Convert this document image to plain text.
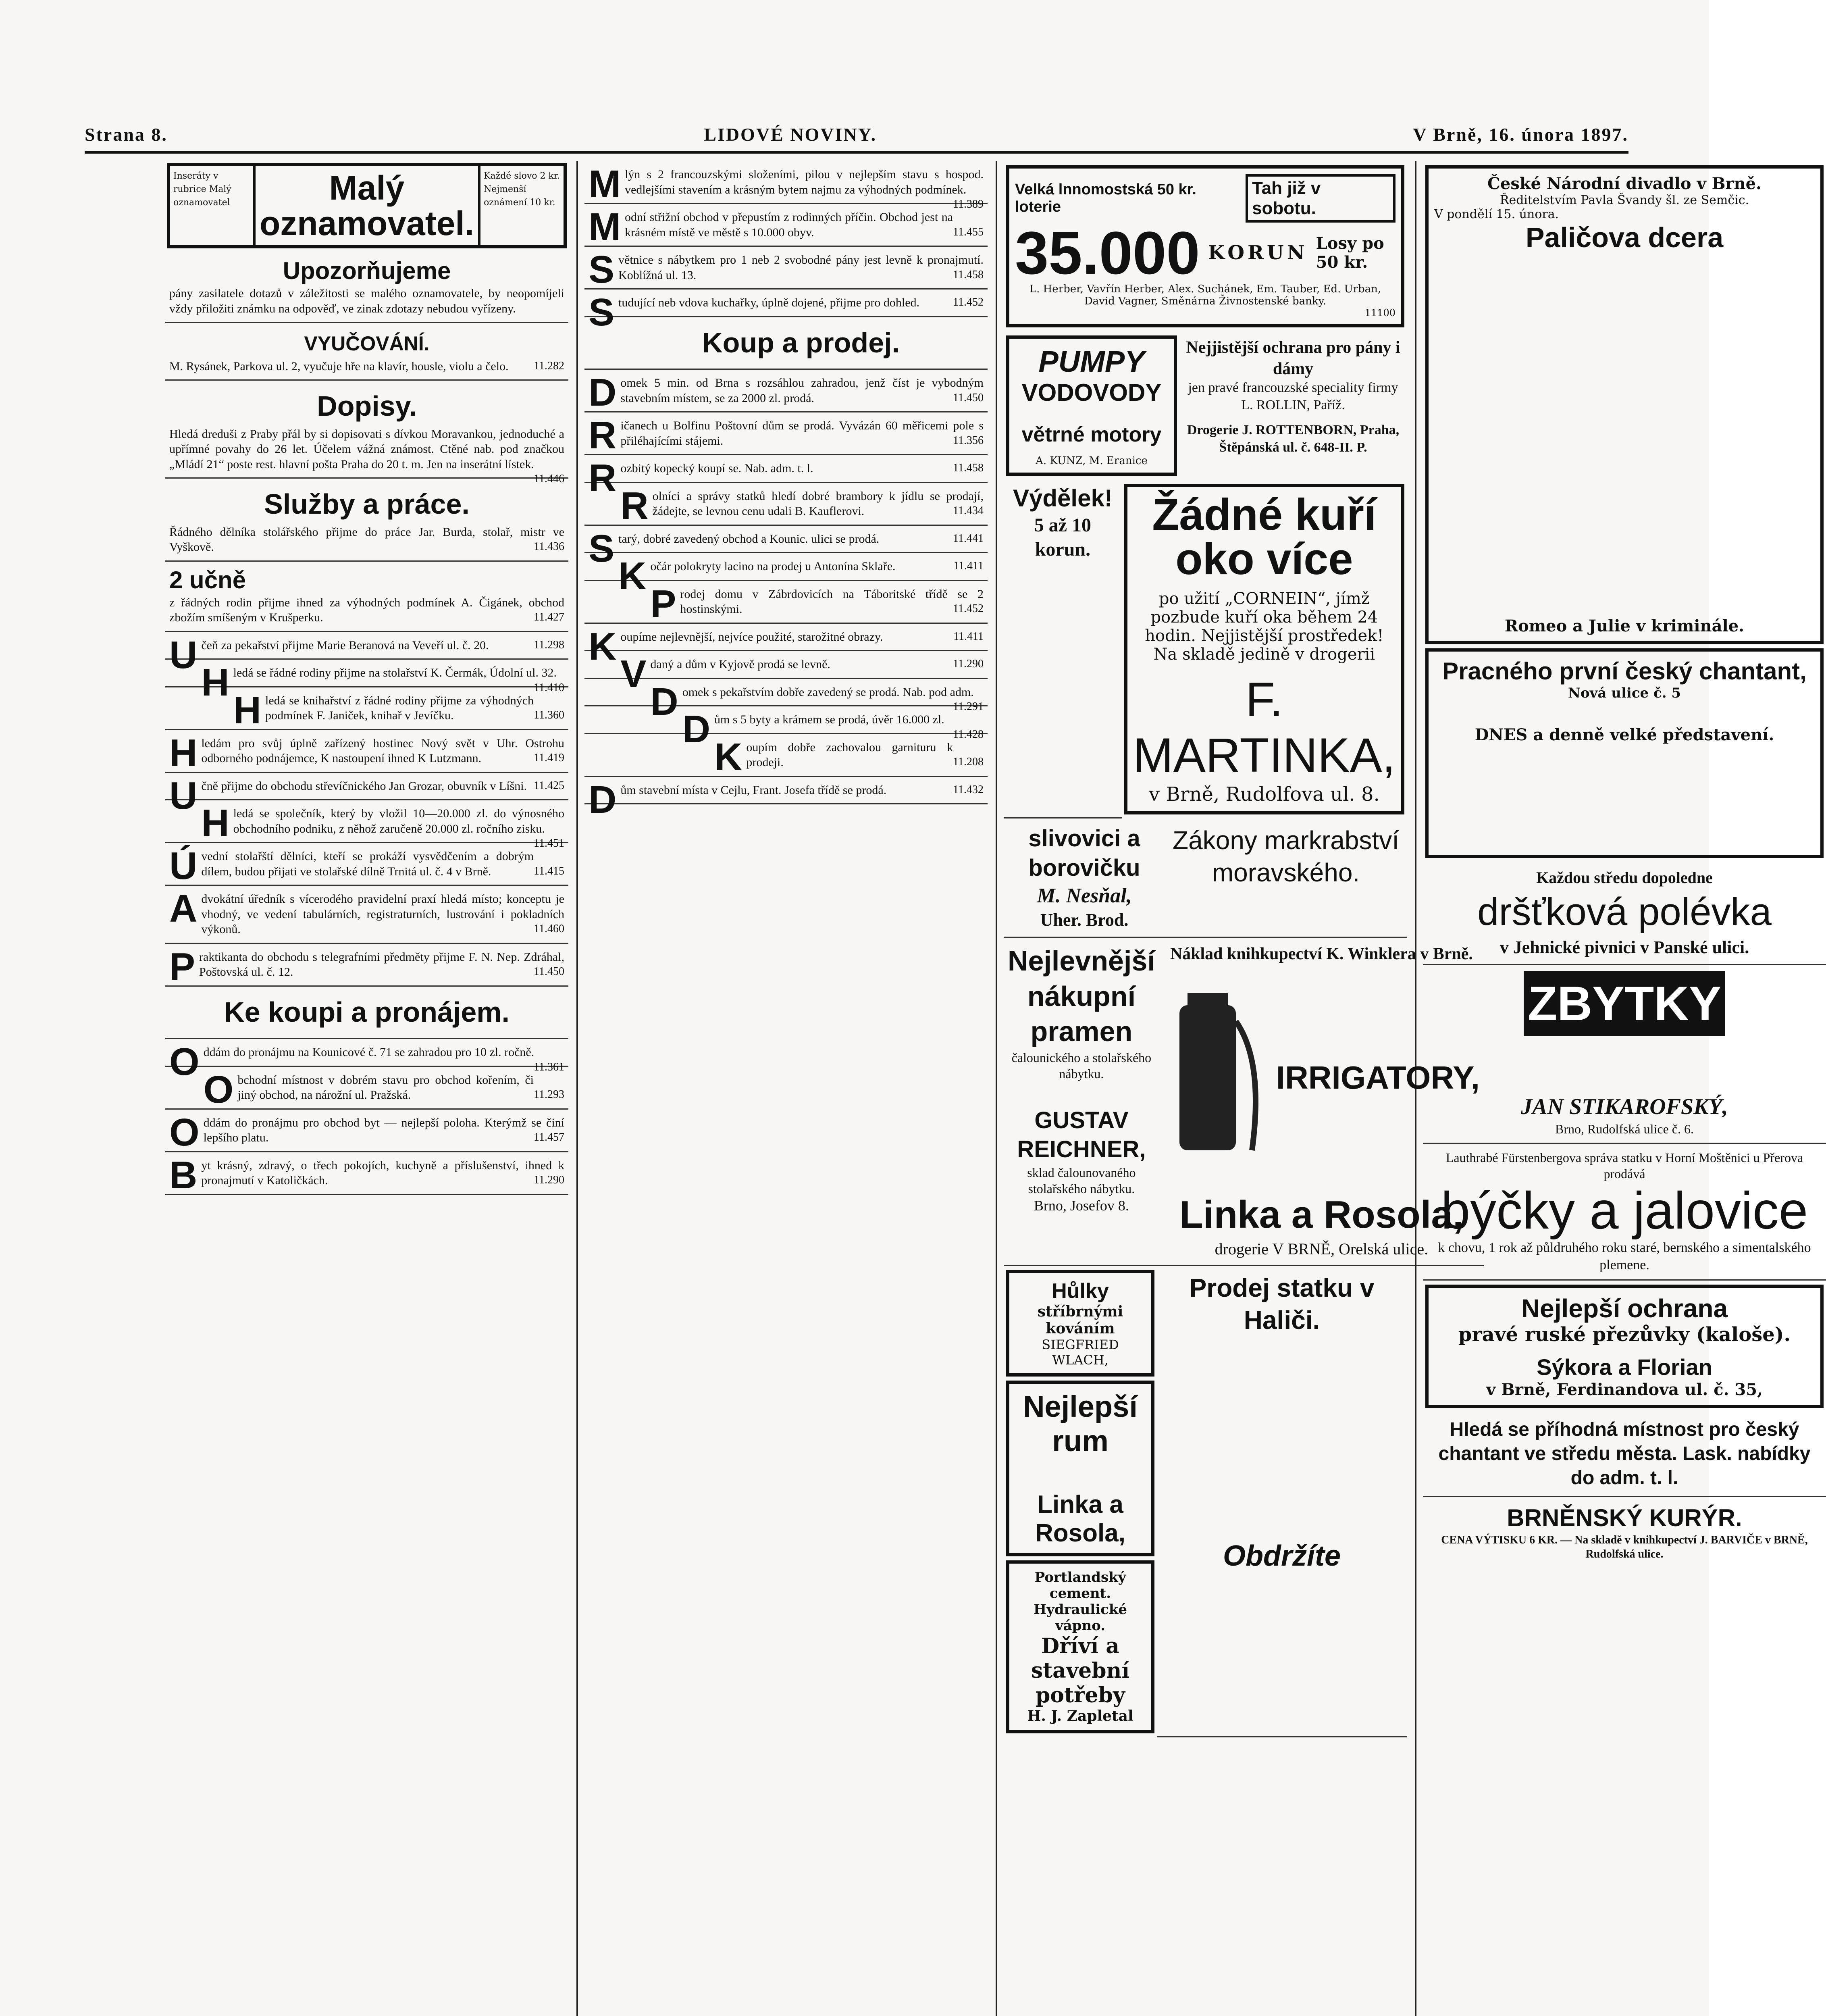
Strana 8.	LIDOVÉ NOVINY.	V Brně, 16. února 1897.
Inseráty v rubrice Malý oznamovatel	Malý oznamovatel.
Každé slovo 2 kr. Nejmenší oznámení 10 kr.
Upozorňujeme
pány zasilatele dotazů v záležitosti se malého oznamovatele, by neopomíjeli vždy přiložiti známku na odpověď, ve zinak zdotazy nebudou vyřízeny.
VYUČOVÁNÍ.
M. Rysánek, Parkova ul. 2, vyučuje hře na klavír, housle, violu a čelo. 11.282
Dopisy.
Hledá dreduši z Praby přál by si dopisovati s dívkou Moravankou, jednoduché a upřímné povahy do 26 let. Účelem vážná známost. Ctěné nab. pod značkou „Mládí 21“ poste rest. hlavní pošta Praha do 20 t. m. Jen na inserátní lístek.
11.446
Služby a práce.
Řádného dělníka stolářského přijme do práce Jar. Burda, stolař, mistr ve Vyškově.	11.436
2 učně
z řádných rodin přijme ihned za výhodných podmínek A. Čigánek, obchod zbožím smíšeným v Krušperku.	11.427
Učeň za pekařství přijme Marie Beranová na Veveří ul. č. 20.	11.298
Hledá se řádné rodiny přijme na stolařství K. Čermák, Údolní ul. 32.
11.410
Hledá se knihařství z řádné rodiny přijme za výhodných podmínek F. Janiček, knihař v Jevíčku.	11.360
Hledám pro svůj úplně zařízený hostinec Nový svět v Uhr. Ostrohu odborného podnájemce, K nastoupení ihned K Lutzmann.	11.419
Učně přijme do obchodu střevíčnického Jan Grozar, obuvník v Líšni. 11.425
Hledá se společník, který by vložil 10—20.000 zl. do výnosného obchodního podniku, z něhož zaručeně 20.000 zl. ročního zisku.
11.451
Úvední stolařští dělníci, kteří se prokáží vysvědčením a dobrým dílem, budou přijati ve stolařské dílně Trnitá ul. č. 4 v Brně.	11.415
Advokátní úředník s vícerodého pravidelní praxí hledá místo; konceptu je vhodný, ve vedení tabulárních, registraturních, lustrování i pokladních výkonů.	11.460
Praktikanta do obchodu s telegrafními předměty přijme F. N. Nep. Zdráhal, Poštovská ul. č. 12.	11.450
Ke koupi a pronájem.
Oddám do pronájmu na Kounicové č. 71 se zahradou pro 10 zl. ročně.
11.361
Obchodní místnost v dobrém stavu pro obchod kořením, či jiný obchod, na nárožní ul. Pražská.	11.293
Oddám do pronájmu pro obchod byt — nejlepší poloha. Kterýmž se činí lepšího platu.	11.457
Byt krásný, zdravý, o třech pokojích, kuchyně a příslušenství, ihned k pronajmutí v Katoličkách.	11.290
Mlýn s 2 francouzskými složeními, pilou v nejlepším stavu s hospod. vedlejšími stavením a krásným bytem najmu za výhodných podmínek.
11.389
Modní střižní obchod v přepustím z rodinných příčin. Obchod jest na krásném místě ve městě s 10.000 obyv.	11.455
Světnice s nábytkem pro 1 neb 2 svobodné pány jest levně k pronajmutí. Koblížná ul. 13.	11.458
Studující neb vdova kuchařky, úplně dojené, přijme pro dohled.	11.452
Koup a prodej.
Domek 5 min. od Brna s rozsáhlou zahradou, jenž číst je vybodným stavebním místem, se za 2000 zl. prodá.	11.450
Ričanech u Bolfinu Poštovní dům se prodá. Vyvázán 60 měřicemi pole s přiléhajícími stájemi.	11.356
Rozbitý kopecký koupí se. Nab. adm. t. l.	11.458
Rolníci a správy statků hledí dobré brambory k jídlu se prodají, žádejte, se levnou cenu udali B. Kauflerovi.	11.434
Starý, dobré zavedený obchod a Kounic. ulici se prodá.	11.441
Kočár polokryty lacino na prodej u Antonína Sklaře.	11.411
Prodej domu v Zábrdovicích na Táboritské třídě se 2 hostinskými.	11.452
Koupíme nejlevnější, nejvíce použité, starožitné obrazy.	11.411
Vdaný a dům v Kyjově prodá se levně.	11.290
Domek s pekařstvím dobře zavedený se prodá. Nab. pod adm.
11.291
Dům s 5 byty a krámem se prodá, úvěr 16.000 zl.
11.428
Koupím dobře zachovalou garnituru k prodeji.	11.208
Dům stavební místa v Cejlu, Frant. Josefa třídě se prodá.	11.432
Velká lnnomostská 50 kr. loterie
Tah již v sobotu.
35.000 KORUN Losy po 50 kr.
L. Herber, Vavřín Herber, Alex. Suchánek, Em. Tauber, Ed. Urban, David Vagner, Směnárna Živnostenské banky.
11100
PUMPY
VODOVODY
větrné motory
A. KUNZ, M. Eranice
Nejjistější ochrana pro pány i dámy
jen pravé francouzské speciality firmy L. ROLLIN, Paříž.
Drogerie J. ROTTENBORN, Praha, Štěpánská ul. č. 648-II. P.
Výdělek!
5 až 10 korun.
Žádné kuří oko více
po užití „CORNEIN“, jímž pozbude kuří oka během 24 hodin. Nejjistější prostředek! Na skladě jedině v drogerii
F. MARTINKA,
v Brně, Rudolfova ul. 8.
slivovici a borovičku
M. Nesňal,
Uher. Brod.
Zákony markrabství moravského.
Nejlevnější nákupní pramen
čalounického a stolařského nábytku.
GUSTAV REICHNER,
sklad čalounovaného stolařského nábytku.
Brno, Josefov 8.
Náklad knihkupectví K. Winklera v Brně.
IRRIGATORY,
Linka a Rosola,
drogerie V BRNĚ, Orelská ulice.
Hůlky
stříbrnými kováním
SIEGFRIED WLACH,
Nejlepší rum
Linka a Rosola,
Portlandský cement. Hydraulické vápno.
Dříví a stavební potřeby
H. J. Zapletal
Prodej statku v Haliči.
Obdržíte
České Národní divadlo v Brně.
Ředitelstvím Pavla Švandy šl. ze Semčic.
V pondělí 15. února.
Paličova dcera
Romeo a Julie v kriminále.
Pracného první český chantant,
Nová ulice č. 5
DNES a denně velké představení.
Každou středu dopoledne
dršťková polévka
v Jehnické pivnici v Panské ulici.
ZBYTKY
JAN STIKAROFSKÝ,
Brno, Rudolfská ulice č. 6.
Lauthrabé Fürstenbergova správa statku v Horní Moštěnici u Přerova prodává
býčky a jalovice
k chovu, 1 rok až půldruhého roku staré, bernského a simentalského plemene.
Nejlepší ochrana
pravé ruské přezůvky (kaloše).
Sýkora a Florian
v Brně, Ferdinandova ul. č. 35,
Hledá se příhodná místnost pro český chantant ve středu města. Lask. nabídky do adm. t. l.
BRNĚNSKÝ KURÝR.
CENA VÝTISKU 6 KR. — Na skladě v knihkupectví J. BARVIČE v BRNĚ, Rudolfská ulice.
